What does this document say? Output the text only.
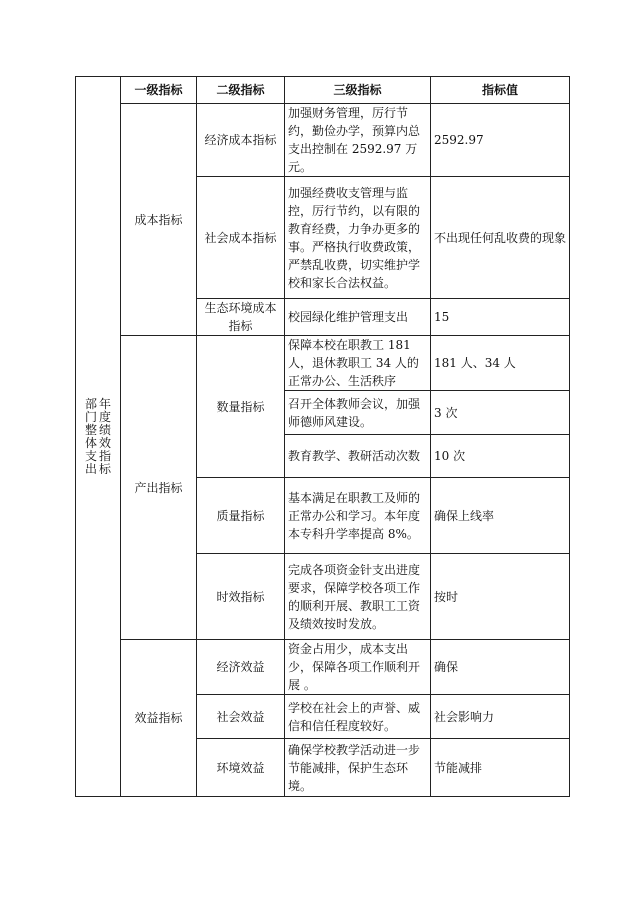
部门整体支出
年度绩效指标	一级指标	二级指标	三级指标	指标值
	成本指标	经济成本指标	加强财务管理，厉行节约，勤俭办学，预算内总支出控制在 2592.97 万元。	2592.97
		社会成本指标	加强经费收支管理与监控，厉行节约，以有限的教育经费，力争办更多的事。严格执行收费政策，严禁乱收费，切实维护学校和家长合法权益。	不出现任何乱收费的现象
		生态环境成本指标	校园绿化维护管理支出	15
	产出指标	数量指标	保障本校在职教工 181 人，退休教职工 34 人的正常办公、生活秩序	181 人、34 人
			召开全体教师会议，加强师德师风建设。	3 次
			教育教学、教研活动次数	10 次
		质量指标	基本满足在职教工及师的正常办公和学习。本年度本专科升学率提高 8%。	确保上线率
		时效指标	完成各项资金针支出进度要求，保障学校各项工作的顺利开展、教职工工资及绩效按时发放。	按时
	效益指标	经济效益	资金占用少，成本支出少，保障各项工作顺利开展 。	确保
		社会效益	学校在社会上的声誉、威信和信任程度较好。	社会影响力
		环境效益	确保学校教学活动进一步节能减排，保护生态环境。	节能减排
